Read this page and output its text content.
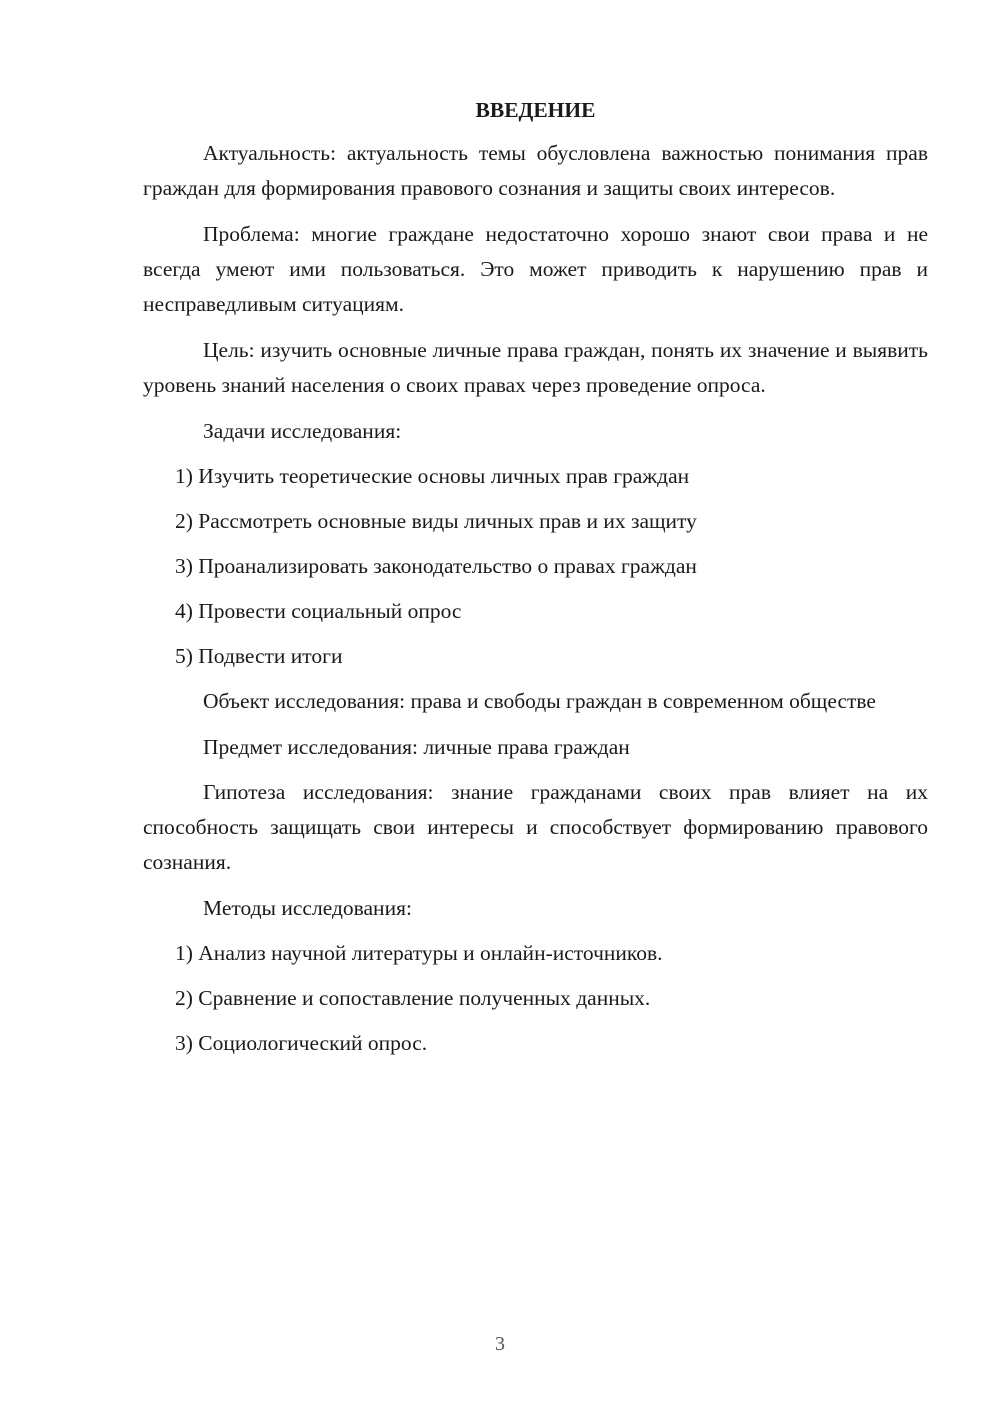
ВВЕДЕНИЕ

Актуальность: актуальность темы обусловлена важностью понимания прав граждан для формирования правового сознания и защиты своих интересов.

Проблема: многие граждане недостаточно хорошо знают свои права и не всегда умеют ими пользоваться. Это может приводить к нарушению прав и несправедливым ситуациям.

Цель: изучить основные личные права граждан, понять их значение и выявить уровень знаний населения о своих правах через проведение опроса.

Задачи исследования:

1) Изучить теоретические основы личных прав граждан

2) Рассмотреть основные виды личных прав и их защиту

3) Проанализировать законодательство о правах граждан

4) Провести социальный опрос

5) Подвести итоги

Объект исследования: права и свободы граждан в современном обществе

Предмет исследования: личные права граждан

Гипотеза исследования: знание гражданами своих прав влияет на их способность защищать свои интересы и способствует формированию правового сознания.

Методы исследования:

1) Анализ научной литературы и онлайн-источников.

2) Сравнение и сопоставление полученных данных.

3) Социологический опрос.

3
